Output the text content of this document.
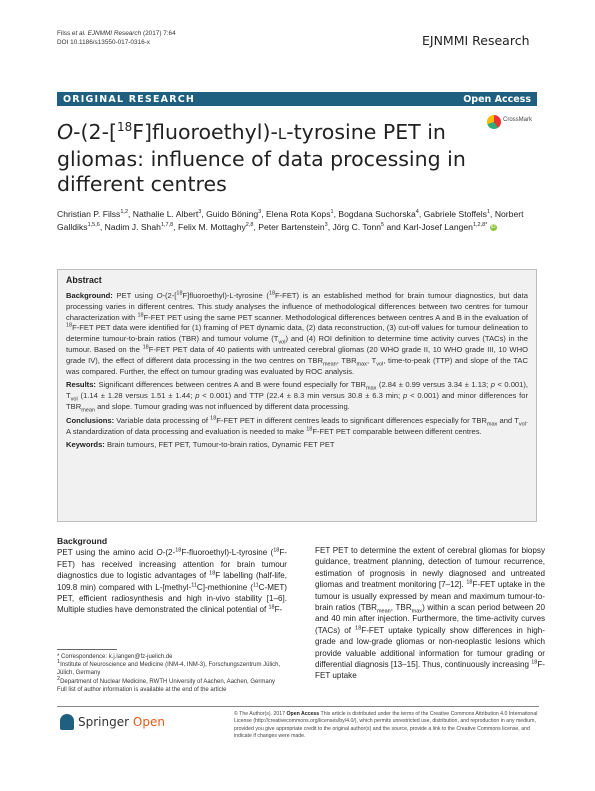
Filss et al. EJNMMI Research (2017) 7:64
DOI 10.1186/s13550-017-0316-x	EJNMMI Research
ORIGINAL RESEARCH	Open Access
O-(2-[$^{18}$F]fluoroethyl)-L-tyrosine PET in gliomas: influence of data processing in different centres
CrossMark
Christian P. Filss$^{1,2}$, Nathalie L. Albert$^3$, Guido Böning$^3$, Elena Rota Kops$^1$, Bogdana Suchorska$^4$, Gabriele Stoffels$^1$, Norbert Galldiks$^{1,5,6}$, Nadim J. Shah$^{1,7,8}$, Felix M. Mottaghy$^{2,8}$, Peter Bartenstein$^3$, Jörg C. Tonn$^5$ and Karl-Josef Langen$^{1,2,8*}$ iD
Abstract

Background: PET using O-(2-[$^{18}$F]fluoroethyl)-L-tyrosine ($^{18}$F-FET) is an established method for brain tumour diagnostics, but data processing varies in different centres. This study analyses the influence of methodological differences between two centres for tumour characterization with $^{18}$F-FET PET using the same PET scanner. Methodological differences between centres A and B in the evaluation of $^{18}$F-FET PET data were identified for (1) framing of PET dynamic data, (2) data reconstruction, (3) cut-off values for tumour delineation to determine tumour-to-brain ratios (TBR) and tumour volume $(T_{vol})$ and (4) ROI definition to determine time activity curves (TACs) in the tumour. Based on the $^{18}$F-FET PET data of 40 patients with untreated cerebral gliomas (20 WHO grade II, 10 WHO grade III, 10 WHO grade IV), the effect of different data processing in the two centres on $TBR_{mean}$, $TBR_{max}$, $T_{vol}$, time-to-peak (TTP) and slope of the TAC was compared. Further, the effect on tumour grading was evaluated by ROC analysis.

Results: Significant differences between centres A and B were found especially for $TBR_{max}$ (2.84 ± 0.99 versus 3.34 ± 1.13; p < 0.001), $T_{vol}$ (1.14 ± 1.28 versus 1.51 ± 1.44; p < 0.001) and TTP (22.4 ± 8.3 min versus 30.8 ± 6.3 min; p < 0.001) and minor differences for $TBR_{mean}$ and slope. Tumour grading was not influenced by different data processing.

Conclusions: Variable data processing of $^{18}$F-FET PET in different centres leads to significant differences especially for $TBR_{max}$ and $T_{vol}$. A standardization of data processing and evaluation is needed to make $^{18}$F-FET PET comparable between different centres.

Keywords: Brain tumours, FET PET, Tumour-to-brain ratios, Dynamic FET PET

Background

PET using the amino acid O-(2-$^{18}$F-fluoroethyl)-L-tyrosine ($^{18}$F-FET) has received increasing attention for brain tumour diagnostics due to logistic advantages of $^{18}$F labelling (half-life, 109.8 min) compared with L-[methyl-$^{11}$C]-methionine ($^{11}$C-MET) PET, efficient radiosynthesis and high in-vivo stability [1–6]. Multiple studies have demonstrated the clinical potential of $^{18}$F-

FET PET to determine the extent of cerebral gliomas for biopsy guidance, treatment planning, detection of tumour recurrence, estimation of prognosis in newly diagnosed and untreated gliomas and treatment monitoring [7–12]. $^{18}$F-FET uptake in the tumour is usually expressed by mean and maximum tumour-to-brain ratios ($TBR_{mean}$, $TBR_{max}$) within a scan period between 20 and 40 min after injection. Furthermore, the time-activity curves (TACs) of $^{18}$F-FET uptake typically show differences in high-grade and low-grade gliomas or non-neoplastic lesions which provide valuable additional information for tumour grading or differential diagnosis [13–15]. Thus, continuously increasing $^{18}$F-FET uptake

* Correspondence: k.j.langen@fz-juelich.de
$^1$Institute of Neuroscience and Medicine (INM-4, INM-3), Forschungszentrum Jülich, Jülich, Germany
$^2$Department of Nuclear Medicine, RWTH University of Aachen, Aachen, Germany
Full list of author information is available at the end of the article
Springer Open
© The Author(s). 2017 Open Access This article is distributed under the terms of the Creative Commons Attribution 4.0 International License (http://creativecommons.org/licenses/by/4.0/), which permits unrestricted use, distribution, and reproduction in any medium, provided you give appropriate credit to the original author(s) and the source, provide a link to the Creative Commons license, and indicate if changes were made.
